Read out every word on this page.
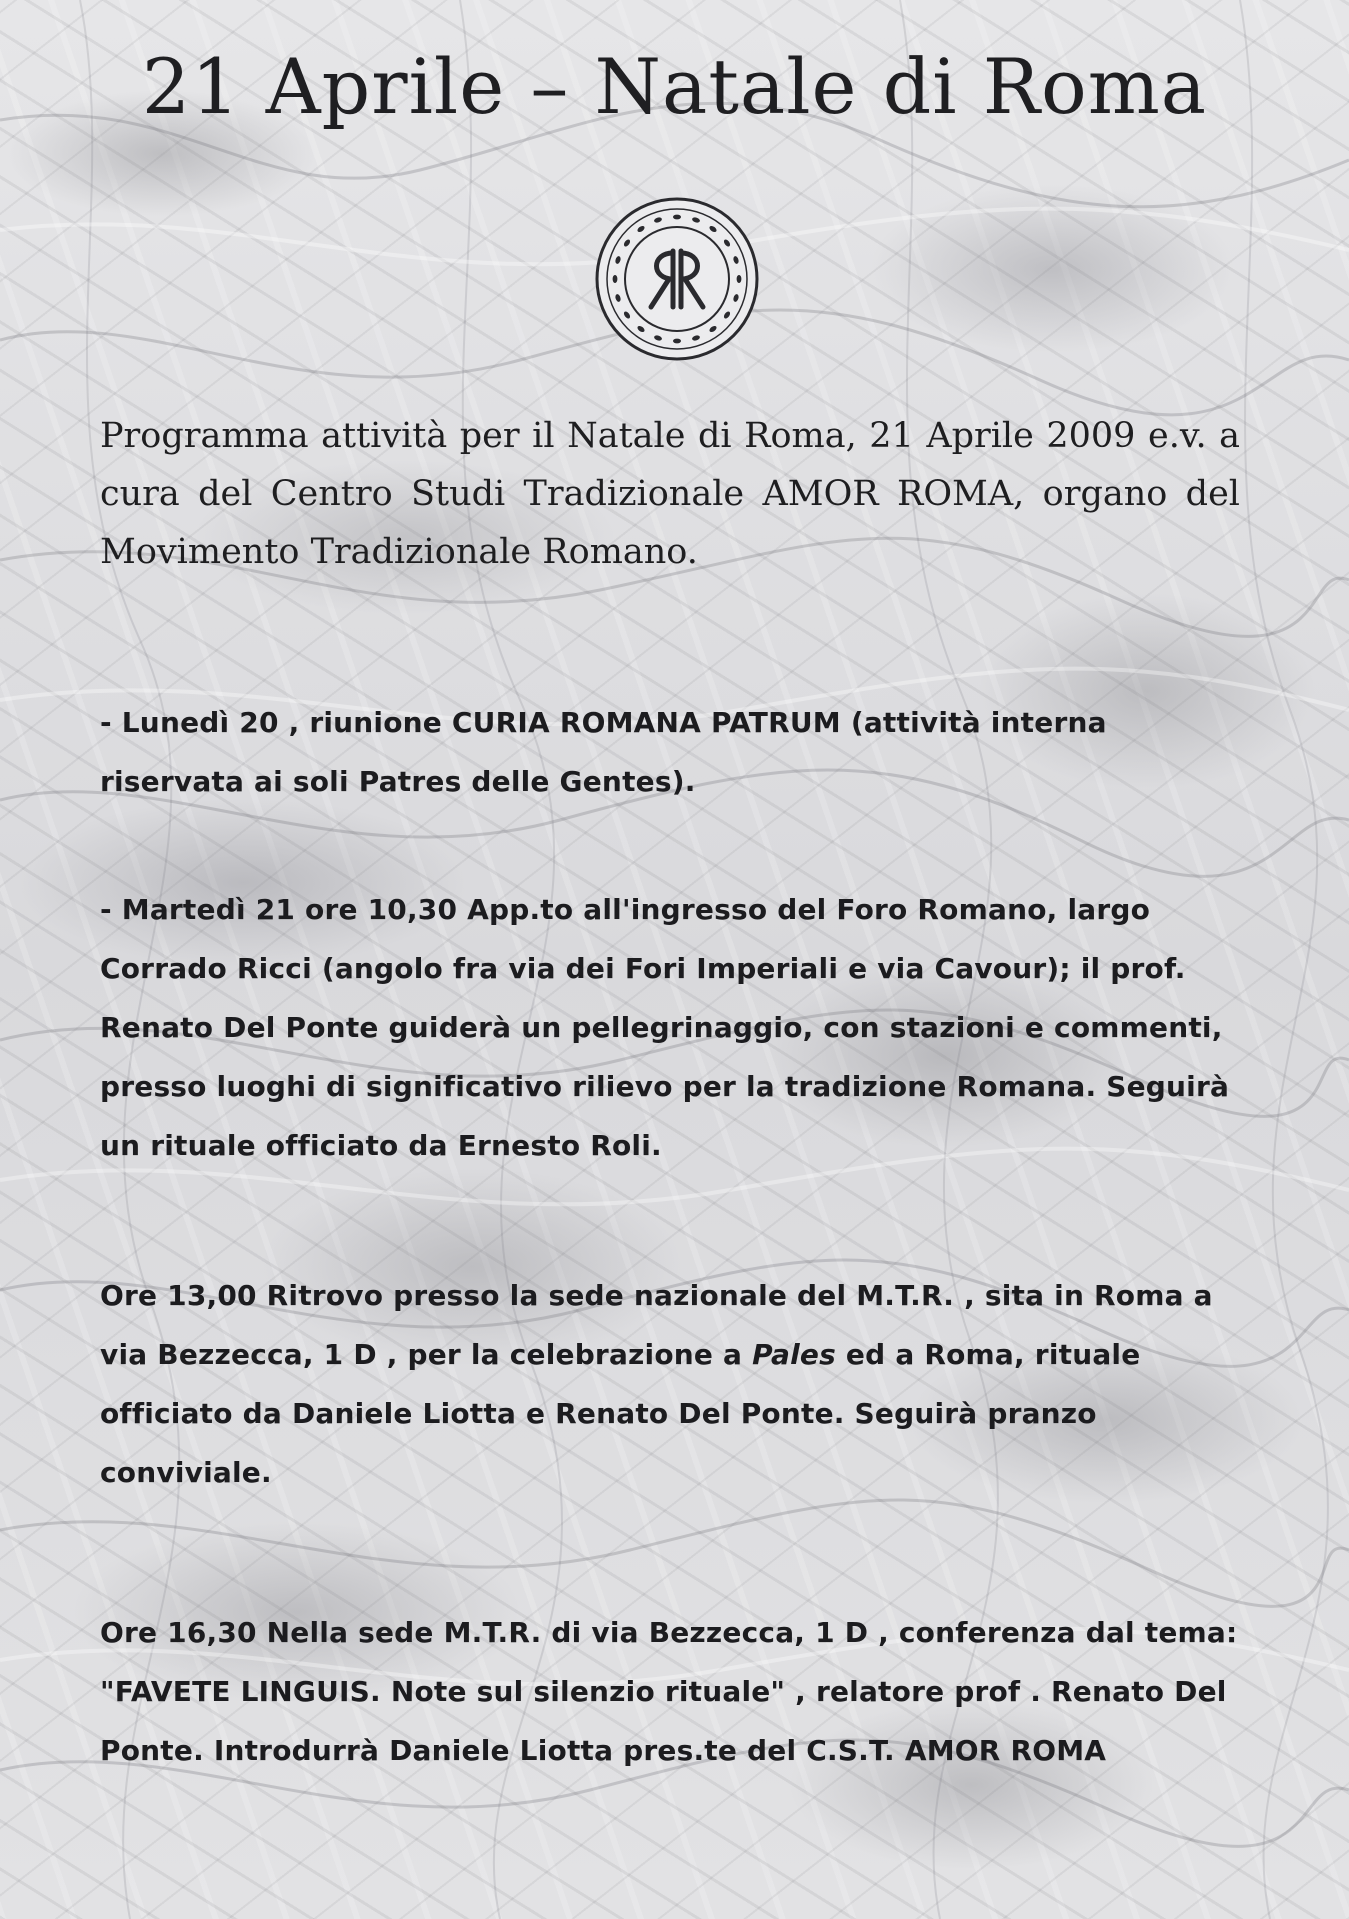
21 Aprile – Natale di Roma

Programma attività per il Natale di Roma, 21 Aprile 2009 e.v. a cura del Centro Studi Tradizionale AMOR ROMA, organo del Movimento Tradizionale Romano.

- Lunedì 20 , riunione CURIA ROMANA PATRUM (attività interna riservata ai soli Patres delle Gentes).

- Martedì 21 ore 10,30 App.to all'ingresso del Foro Romano, largo Corrado Ricci (angolo fra via dei Fori Imperiali e via Cavour); il prof. Renato Del Ponte guiderà un pellegrinaggio, con stazioni e commenti, presso luoghi di significativo rilievo per la tradizione Romana. Seguirà un rituale officiato da Ernesto Roli.

Ore 13,00 Ritrovo presso la sede nazionale del M.T.R. , sita in Roma a via Bezzecca, 1 D , per la celebrazione a Pales ed a Roma, rituale officiato da Daniele Liotta e Renato Del Ponte. Seguirà pranzo conviviale.

Ore 16,30 Nella sede M.T.R. di via Bezzecca, 1 D , conferenza dal tema: "FAVETE LINGUIS. Note sul silenzio rituale" , relatore prof . Renato Del Ponte. Introdurrà Daniele Liotta pres.te del C.S.T. AMOR ROMA
